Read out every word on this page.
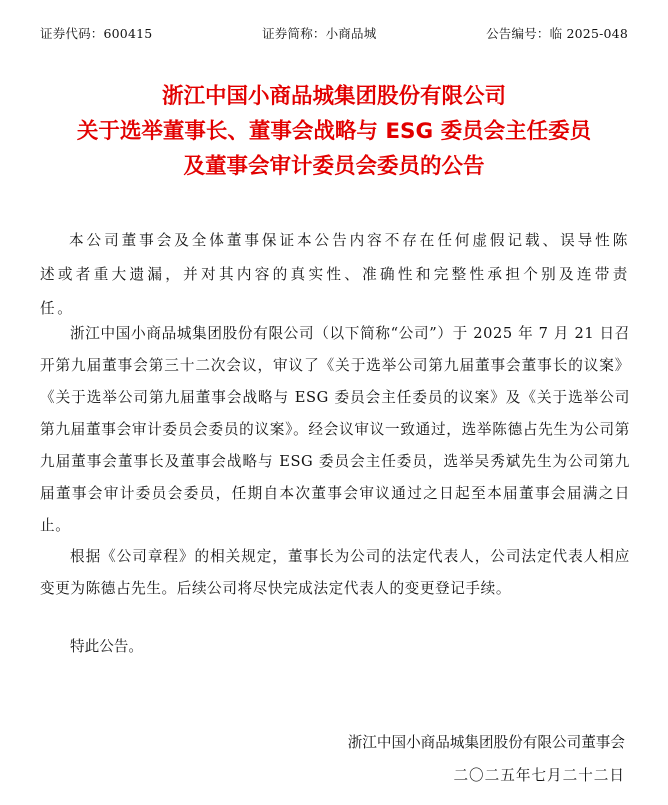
证券代码：600415	证券简称：小商品城	公告编号：临 2025-048
浙江中国小商品城集团股份有限公司
关于选举董事长、董事会战略与 ESG 委员会主任委员
及董事会审计委员会委员的公告
本公司董事会及全体董事保证本公告内容不存在任何虚假记载、误导性陈述或者重大遗漏，并对其内容的真实性、准确性和完整性承担个别及连带责任。
浙江中国小商品城集团股份有限公司（以下简称“公司”）于 2025 年 7 月 21 日召开第九届董事会第三十二次会议，审议了《关于选举公司第九届董事会董事长的议案》《关于选举公司第九届董事会战略与 ESG 委员会主任委员的议案》及《关于选举公司第九届董事会审计委员会委员的议案》。经会议审议一致通过，选举陈德占先生为公司第九届董事会董事长及董事会战略与 ESG 委员会主任委员，选举吴秀斌先生为公司第九届董事会审计委员会委员，任期自本次董事会审议通过之日起至本届董事会届满之日止。
根据《公司章程》的相关规定，董事长为公司的法定代表人，公司法定代表人相应变更为陈德占先生。后续公司将尽快完成法定代表人的变更登记手续。
特此公告。
浙江中国小商品城集团股份有限公司董事会
二〇二五年七月二十二日
